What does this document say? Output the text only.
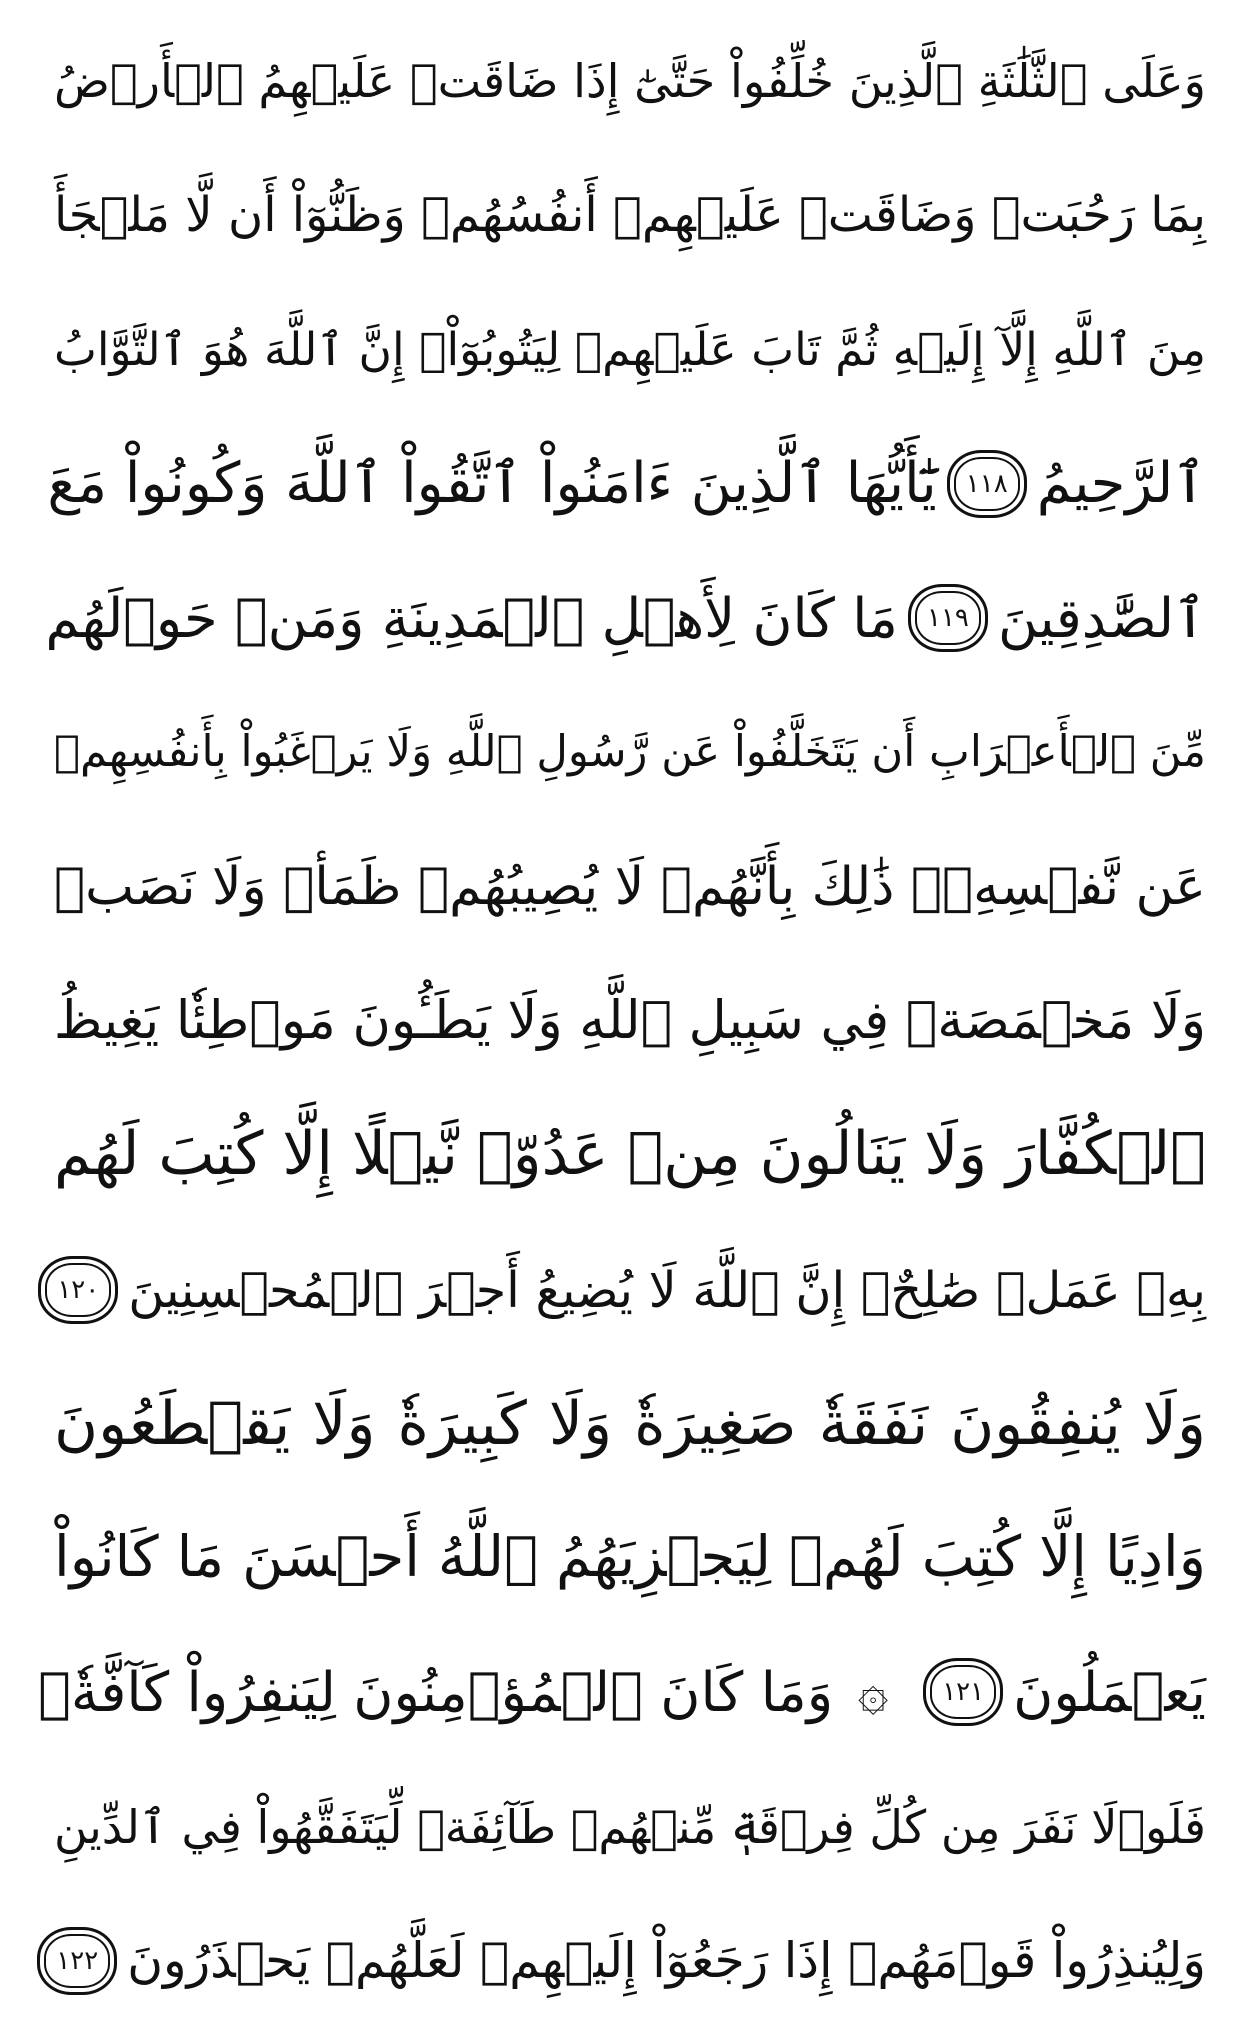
وَعَلَى ٱلثَّلَٰثَةِ ٱلَّذِينَ خُلِّفُواْ حَتَّىٰٓ إِذَا ضَاقَتۡ عَلَيۡهِمُ ٱلۡأَرۡضُ
بِمَا رَحُبَتۡ وَضَاقَتۡ عَلَيۡهِمۡ أَنفُسُهُمۡ وَظَنُّوٓاْ أَن لَّا مَلۡجَأَ
مِنَ ٱللَّهِ إِلَّآ إِلَيۡهِ ثُمَّ تَابَ عَلَيۡهِمۡ لِيَتُوبُوٓاْۚ إِنَّ ٱللَّهَ هُوَ ٱلتَّوَّابُ
ٱلرَّحِيمُ
١١٨
يَٰٓأَيُّهَا ٱلَّذِينَ ءَامَنُواْ ٱتَّقُواْ ٱللَّهَ وَكُونُواْ مَعَ
ٱلصَّٰدِقِينَ
١١٩
مَا كَانَ لِأَهۡلِ ٱلۡمَدِينَةِ وَمَنۡ حَوۡلَهُم
مِّنَ ٱلۡأَعۡرَابِ أَن يَتَخَلَّفُواْ عَن رَّسُولِ ٱللَّهِ وَلَا يَرۡغَبُواْ بِأَنفُسِهِمۡ
عَن نَّفۡسِهِۦۚ ذَٰلِكَ بِأَنَّهُمۡ لَا يُصِيبُهُمۡ ظَمَأٞ وَلَا نَصَبٞ
وَلَا مَخۡمَصَةٞ فِي سَبِيلِ ٱللَّهِ وَلَا يَطَـُٔونَ مَوۡطِئٗا يَغِيظُ
ٱلۡكُفَّارَ وَلَا يَنَالُونَ مِنۡ عَدُوّٖ نَّيۡلًا إِلَّا كُتِبَ لَهُم
بِهِۦ عَمَلٞ صَٰلِحٌۚ إِنَّ ٱللَّهَ لَا يُضِيعُ أَجۡرَ ٱلۡمُحۡسِنِينَ
١٢٠
وَلَا يُنفِقُونَ نَفَقَةٗ صَغِيرَةٗ وَلَا كَبِيرَةٗ وَلَا يَقۡطَعُونَ
وَادِيًا إِلَّا كُتِبَ لَهُمۡ لِيَجۡزِيَهُمُ ٱللَّهُ أَحۡسَنَ مَا كَانُواْ
يَعۡمَلُونَ
١٢١
۞
وَمَا كَانَ ٱلۡمُؤۡمِنُونَ لِيَنفِرُواْ كَآفَّةٗۚ
فَلَوۡلَا نَفَرَ مِن كُلِّ فِرۡقَةٖ مِّنۡهُمۡ طَآئِفَةٞ لِّيَتَفَقَّهُواْ فِي ٱلدِّينِ
وَلِيُنذِرُواْ قَوۡمَهُمۡ إِذَا رَجَعُوٓاْ إِلَيۡهِمۡ لَعَلَّهُمۡ يَحۡذَرُونَ
١٢٢
